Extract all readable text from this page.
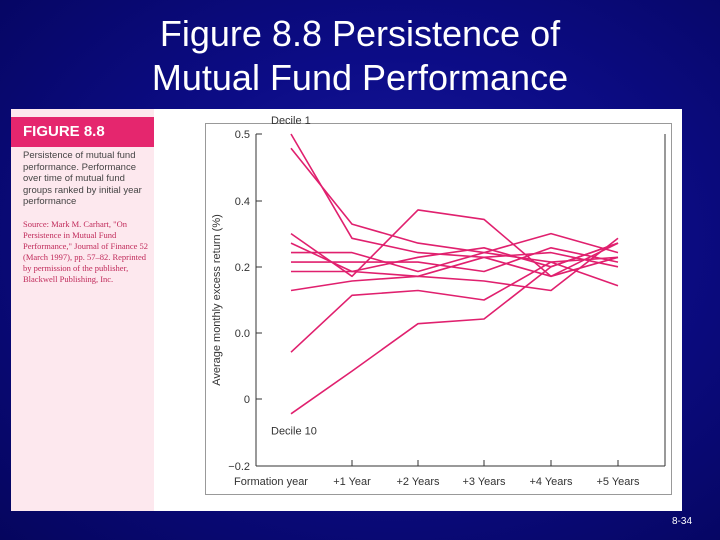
Figure 8.8 Persistence of
Mutual Fund Performance
FIGURE 8.8
Persistence of mutual fund performance. Performance over time of mutual fund groups ranked by initial year performance
Source: Mark M. Carhart, "On Persistence in Mutual Fund Performance," Journal of Finance 52 (March 1997), pp. 57–82. Reprinted by permission of the publisher, Blackwell Publishing, Inc.
0.5
0.4
0.2
0.0
0
−0.2
Formation year +1 Year +2 Years +3 Years +4 Years +5 Years
Average monthly excess return (%)
Decile 1
Decile 10
8-34
